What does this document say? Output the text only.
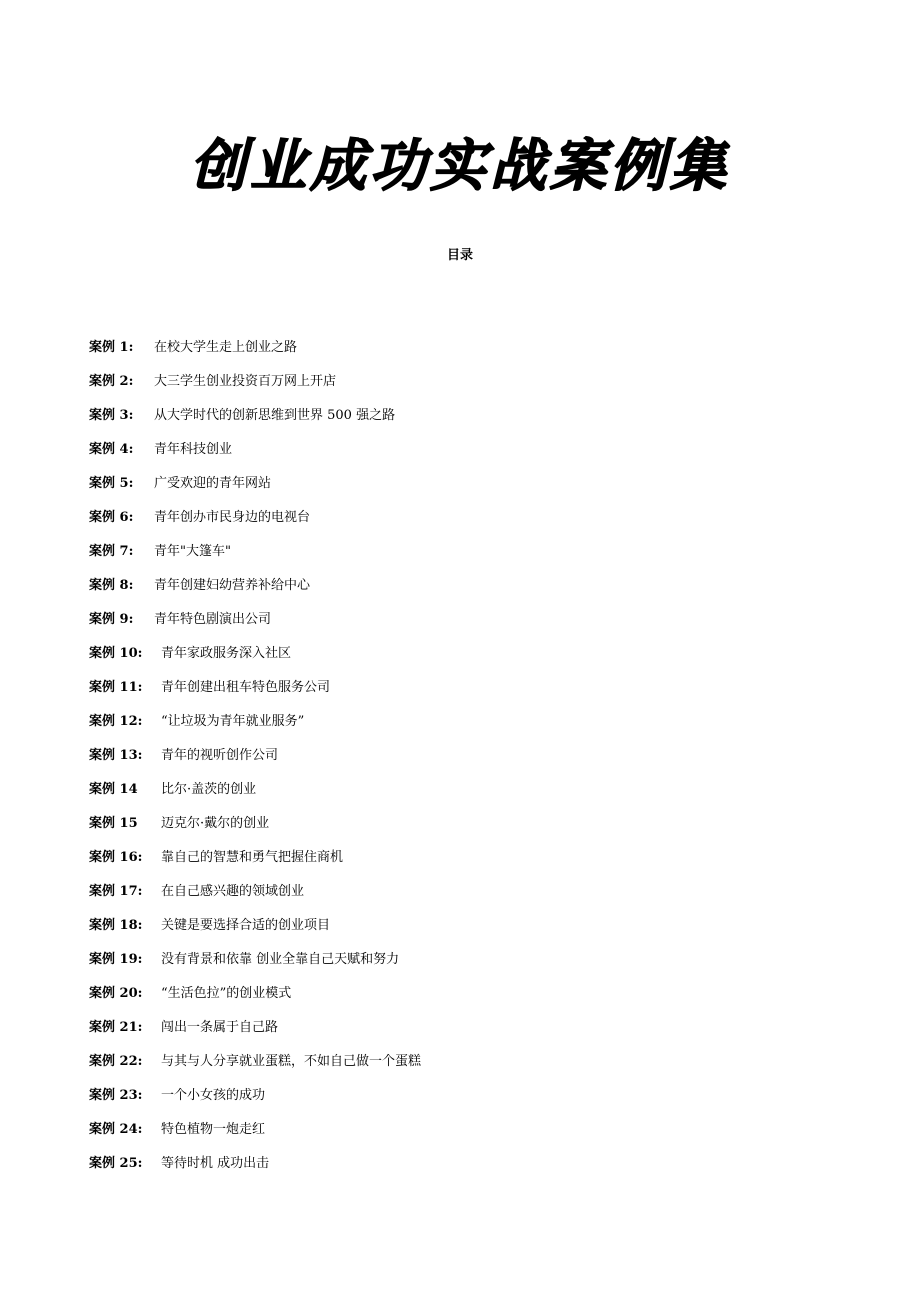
创业成功实战案例集
目录
案例 1: 在校大学生走上创业之路
案例 2: 大三学生创业投资百万网上开店
案例 3: 从大学时代的创新思维到世界 500 强之路
案例 4: 青年科技创业
案例 5: 广受欢迎的青年网站
案例 6: 青年创办市民身边的电视台
案例 7: 青年"大篷车"
案例 8: 青年创建妇幼营养补给中心
案例 9: 青年特色剧演出公司
案例 10: 青年家政服务深入社区
案例 11: 青年创建出租车特色服务公司
案例 12: “让垃圾为青年就业服务”
案例 13: 青年的视听创作公司
案例 14 比尔·盖茨的创业
案例 15 迈克尔·戴尔的创业
案例 16: 靠自己的智慧和勇气把握住商机
案例 17: 在自己感兴趣的领域创业
案例 18: 关键是要选择合适的创业项目
案例 19: 没有背景和依靠 创业全靠自己天赋和努力
案例 20: “生活色拉”的创业模式
案例 21: 闯出一条属于自己路
案例 22: 与其与人分享就业蛋糕，不如自己做一个蛋糕
案例 23: 一个小女孩的成功
案例 24: 特色植物一炮走红
案例 25: 等待时机 成功出击
